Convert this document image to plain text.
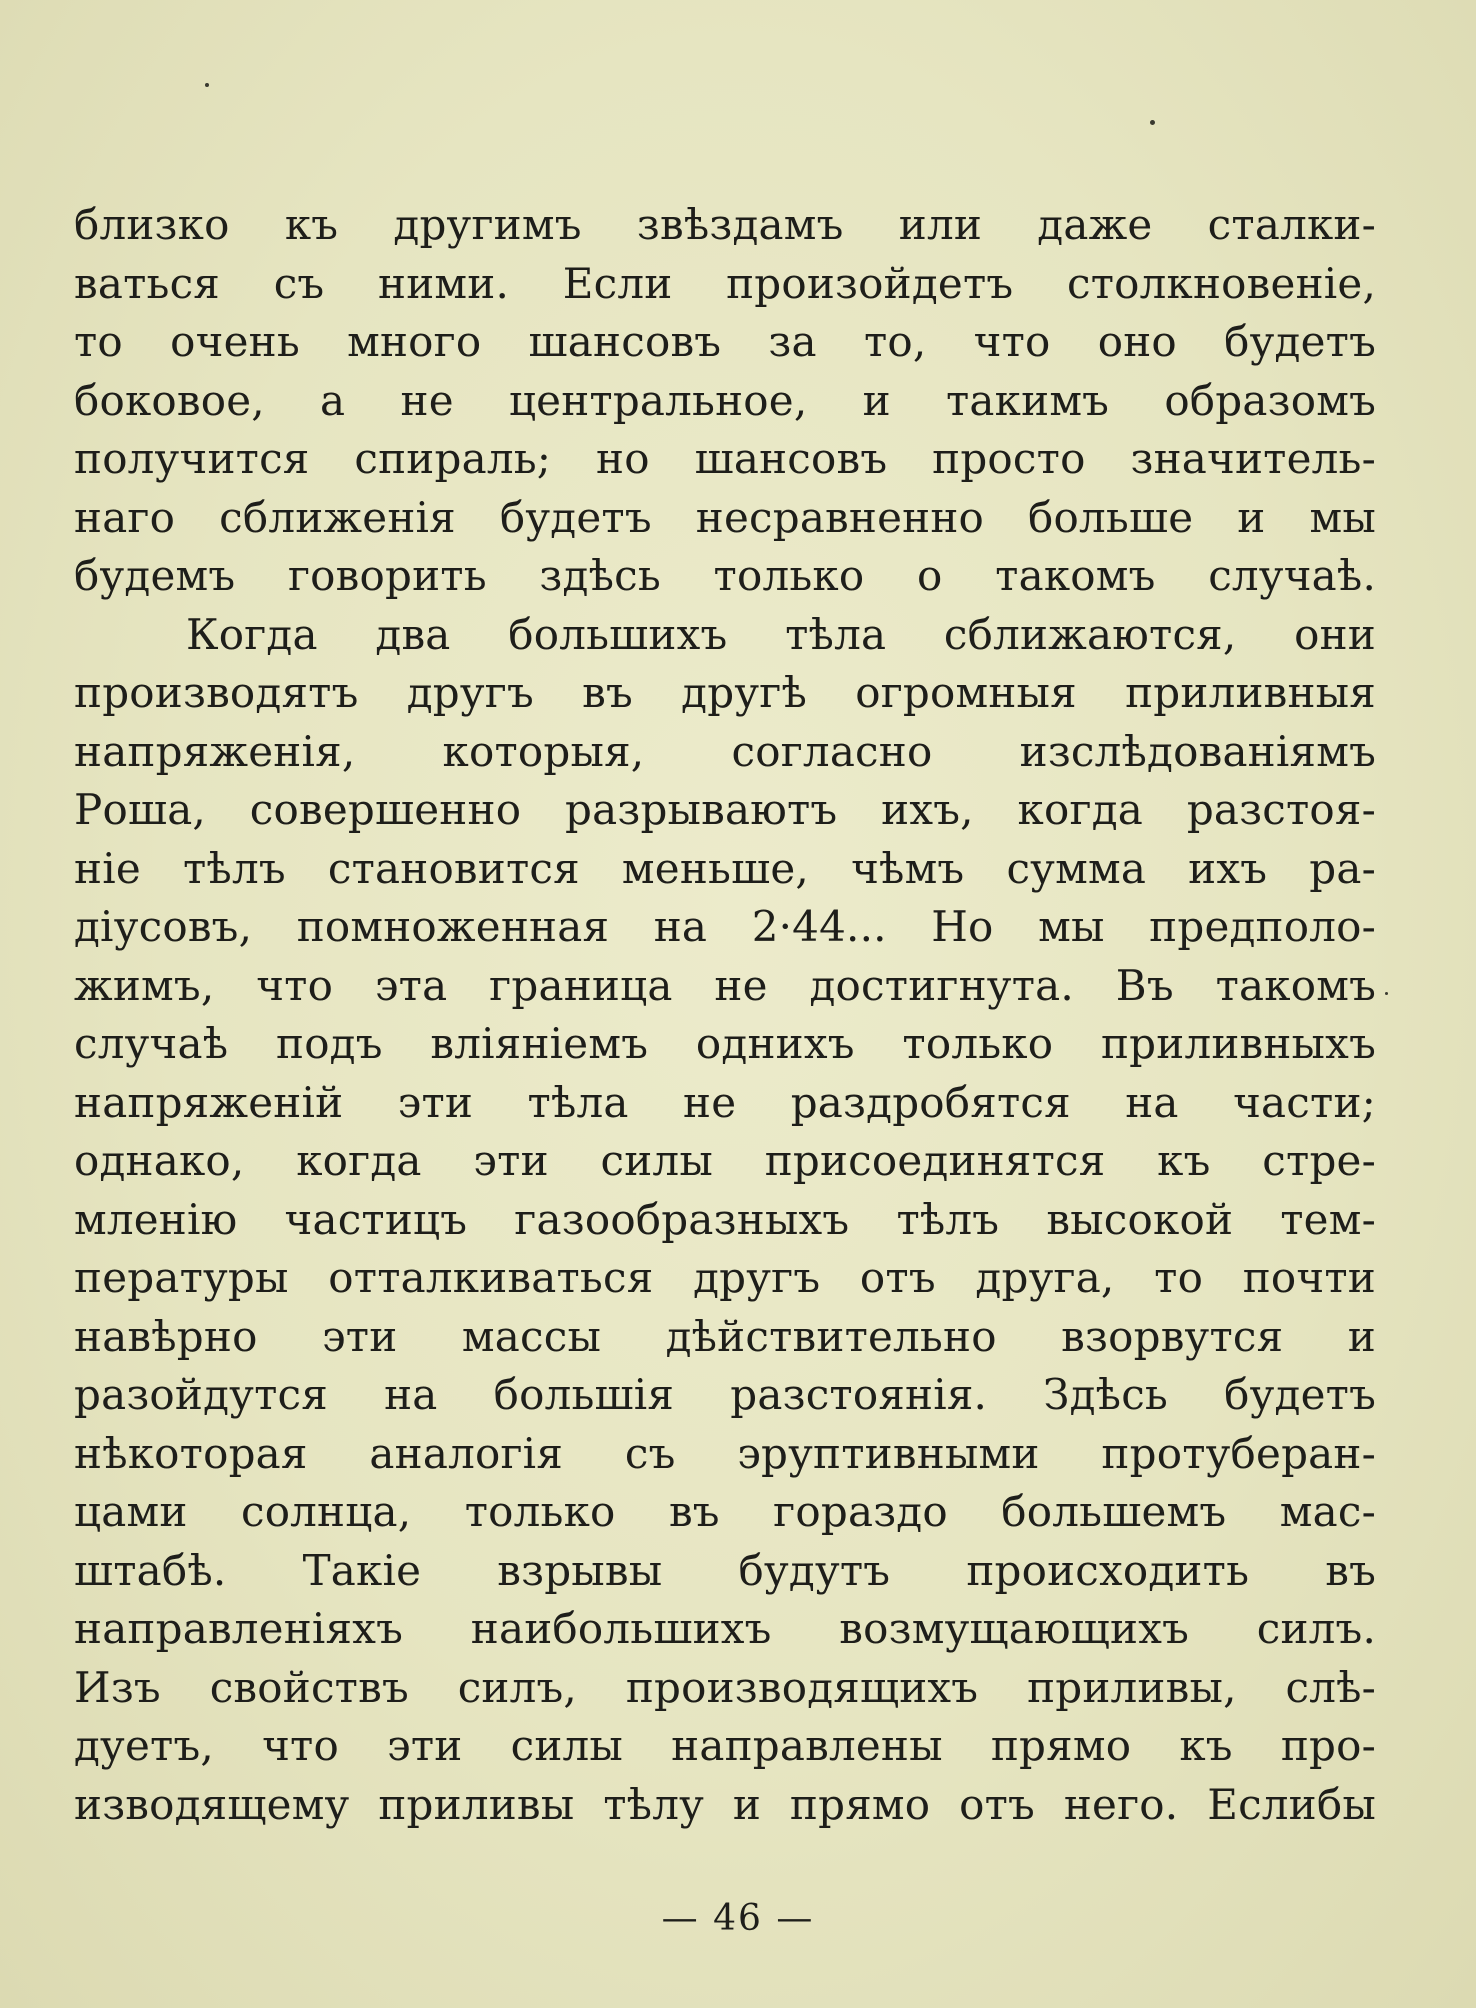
близко къ другимъ звѣздамъ или даже сталки-
ваться съ ними. Если произойдетъ столкновеніе,
то очень много шансовъ за то, что оно будетъ
боковое, а не центральное, и такимъ образомъ
получится спираль; но шансовъ просто значитель-
наго сближенія будетъ несравненно больше и мы
будемъ говорить здѣсь только о такомъ случаѣ.
Когда два большихъ тѣла сближаются, они
производятъ другъ въ другѣ огромныя приливныя
напряженія, которыя, согласно изслѣдованіямъ
Роша, совершенно разрываютъ ихъ, когда разстоя-
ніе тѣлъ становится меньше, чѣмъ сумма ихъ ра-
діусовъ, помноженная на 2·44... Но мы предполо-
жимъ, что эта граница не достигнута. Въ такомъ
случаѣ подъ вліяніемъ однихъ только приливныхъ
напряженій эти тѣла не раздробятся на части;
однако, когда эти силы присоединятся къ стре-
мленію частицъ газообразныхъ тѣлъ высокой тем-
пературы отталкиваться другъ отъ друга, то почти
навѣрно эти массы дѣйствительно взорвутся и
разойдутся на большія разстоянія. Здѣсь будетъ
нѣкоторая аналогія съ эруптивными протуберан-
цами солнца, только въ гораздо большемъ мас-
штабѣ. Такіе взрывы будутъ происходить въ
направленіяхъ наибольшихъ возмущающихъ силъ.
Изъ свойствъ силъ, производящихъ приливы, слѣ-
дуетъ, что эти силы направлены прямо къ про-
изводящему приливы тѣлу и прямо отъ него. Еслибы
— 46 —
